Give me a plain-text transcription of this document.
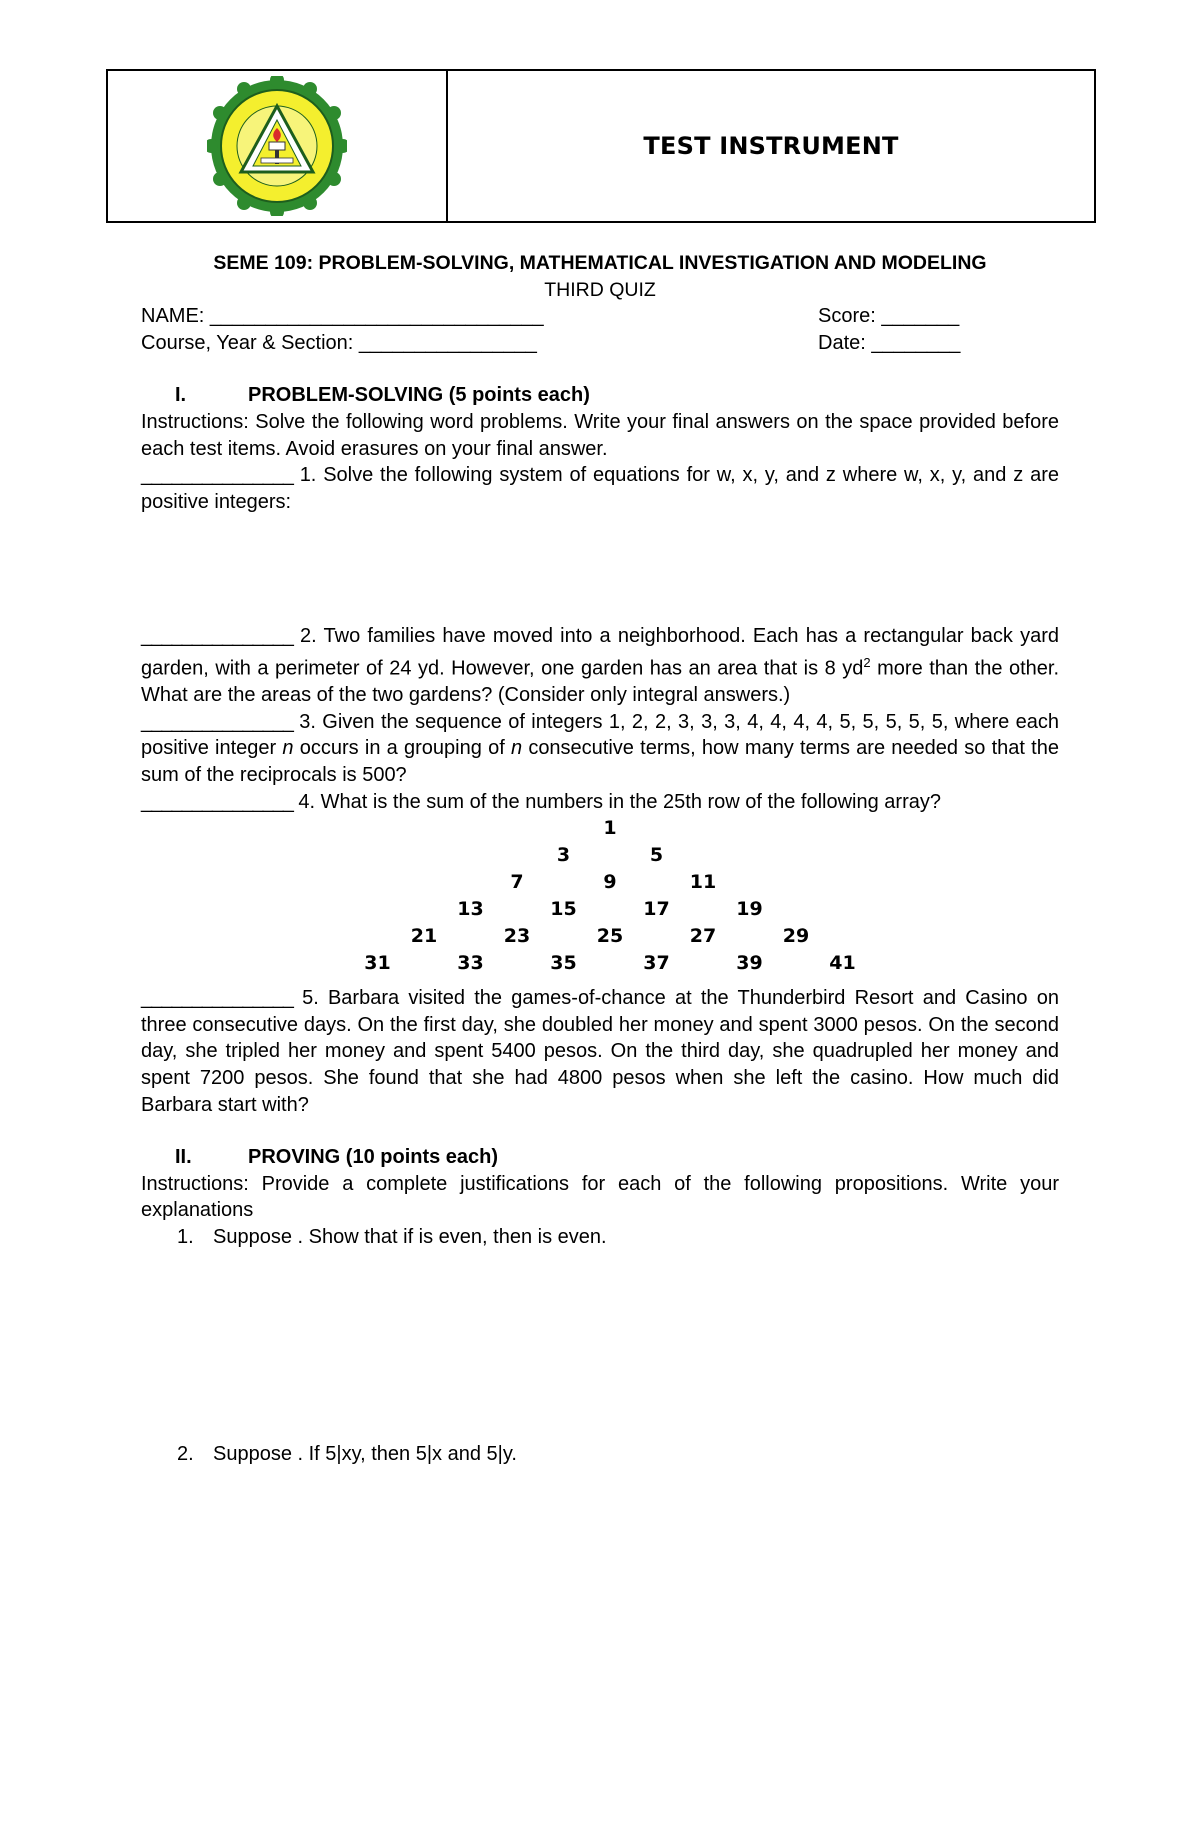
TEST INSTRUMENT
SEME 109: PROBLEM-SOLVING, MATHEMATICAL INVESTIGATION AND MODELING
THIRD QUIZ
NAME: ______________________________	Score: _______
Course, Year & Section: ________________	Date: ________
I.	PROBLEM-SOLVING (5 points each)
Instructions: Solve the following word problems. Write your final answers on the space provided before each test items. Avoid erasures on your final answer.
_______________ 1. Solve the following system of equations for w, x, y, and z where w, x, y, and z are positive integers:
_______________ 2. Two families have moved into a neighborhood. Each has a rectangular back yard garden, with a perimeter of 24 yd. However, one garden has an area that is 8 $yd^2$ more than the other. What are the areas of the two gardens? (Consider only integral answers.)
_______________ 3. Given the sequence of integers 1, 2, 2, 3, 3, 3, 4, 4, 4, 4, 5, 5, 5, 5, 5, where each positive integer n occurs in a grouping of n consecutive terms, how many terms are needed so that the sum of the reciprocals is 500?
_______________ 4. What is the sum of the numbers in the 25th row of the following array?
1
3	5
7	9	11
13	15	17	19
21	23	25	27	29
31	33	35	37	39	41
_______________ 5. Barbara visited the games-of-chance at the Thunderbird Resort and Casino on three consecutive days. On the first day, she doubled her money and spent 3000 pesos. On the second day, she tripled her money and spent 5400 pesos. On the third day, she quadrupled her money and spent 7200 pesos. She found that she had 4800 pesos when she left the casino. How much did Barbara start with?
II.	PROVING (10 points each)
Instructions: Provide a complete justifications for each of the following propositions. Write your explanations
1. Suppose . Show that if is even, then is even.
2. Suppose . If 5|xy, then 5|x and 5|y.
